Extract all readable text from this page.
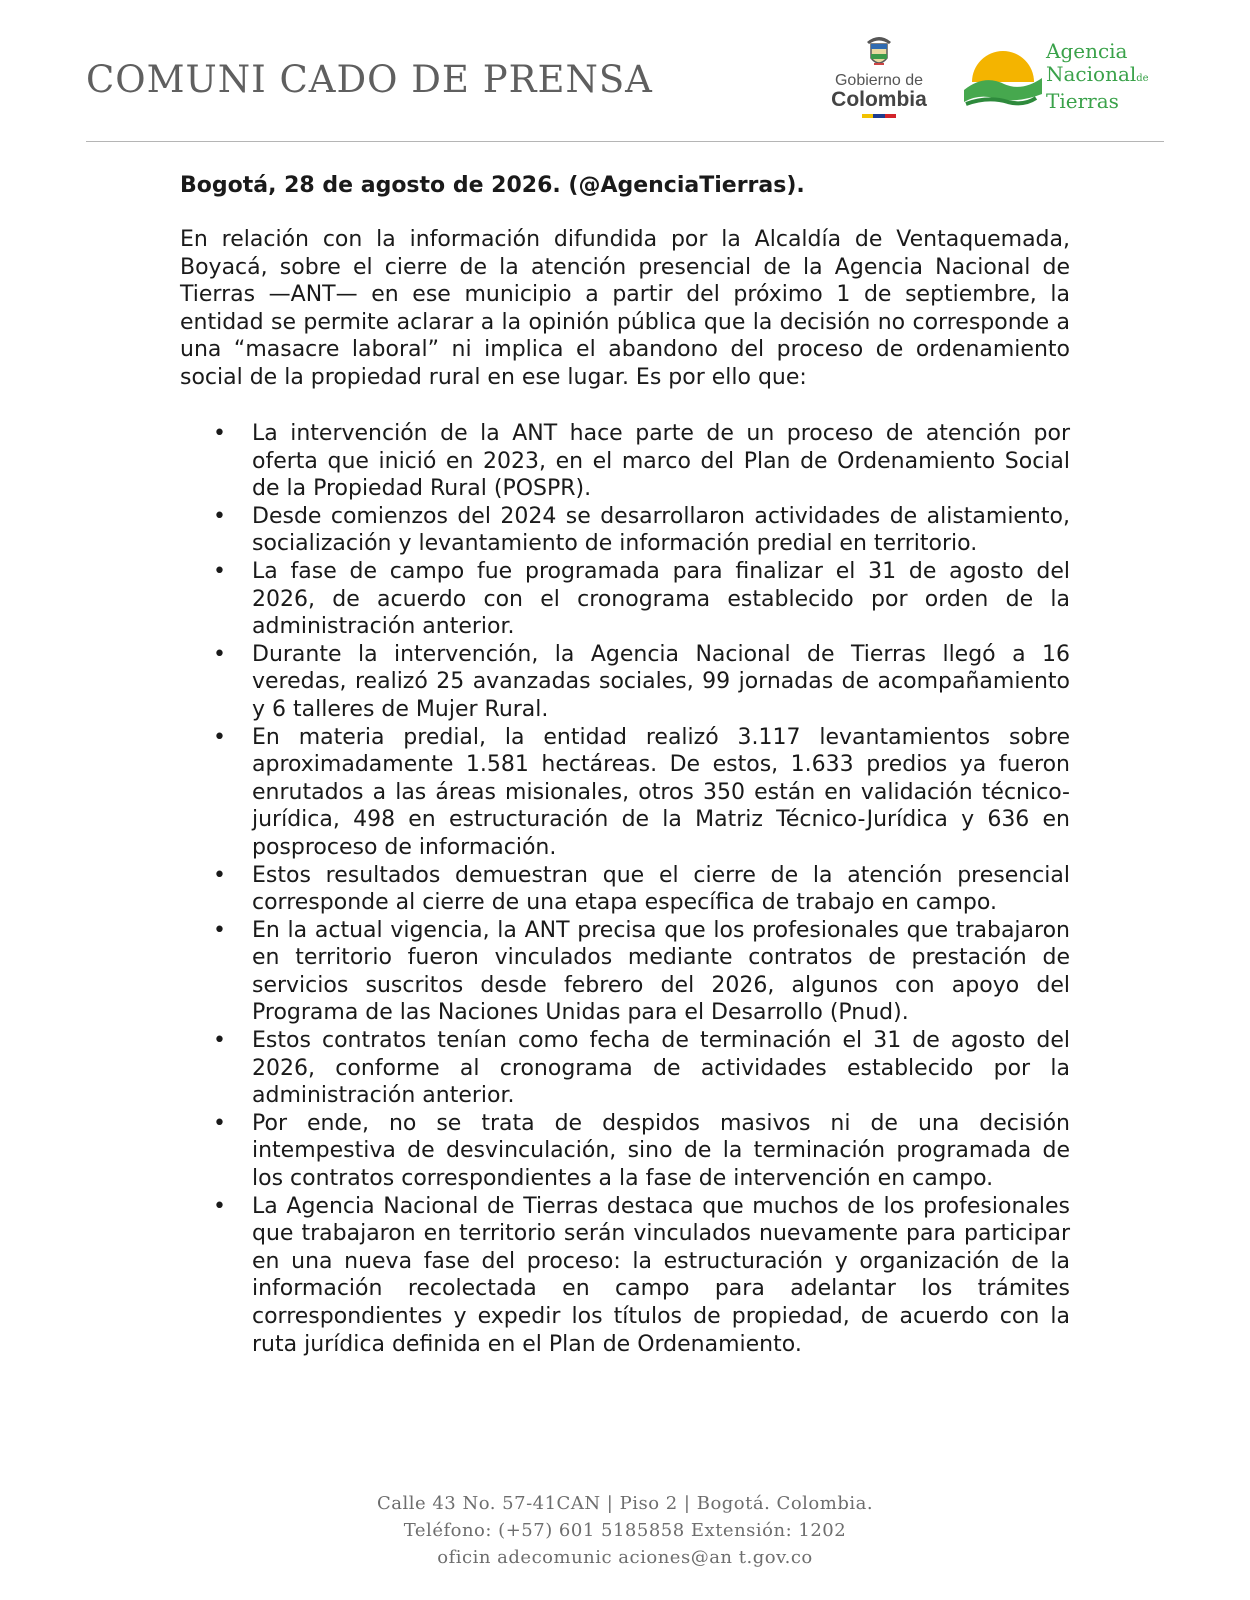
COMUNI CADO DE PRENSA	Gobierno de
Colombia
Agencia
Nacionalde
Tierras
Bogotá, 28 de agosto de 2026. (@AgenciaTierras).
En relación con la información difundida por la Alcaldía de Ventaquemada, Boyacá, sobre el cierre de la atención presencial de la Agencia Nacional de Tierras —ANT— en ese municipio a partir del próximo 1 de septiembre, la entidad se permite aclarar a la opinión pública que la decisión no corresponde a una “masacre laboral” ni implica el abandono del proceso de ordenamiento social de la propiedad rural en ese lugar. Es por ello que:
• La intervención de la ANT hace parte de un proceso de atención por oferta que inició en 2023, en el marco del Plan de Ordenamiento Social de la Propiedad Rural (POSPR).
• Desde comienzos del 2024 se desarrollaron actividades de alistamiento, socialización y levantamiento de información predial en territorio.
• La fase de campo fue programada para finalizar el 31 de agosto del 2026, de acuerdo con el cronograma establecido por orden de la administración anterior.
• Durante la intervención, la Agencia Nacional de Tierras llegó a 16 veredas, realizó 25 avanzadas sociales, 99 jornadas de acompañamiento y 6 talleres de Mujer Rural.
• En materia predial, la entidad realizó 3.117 levantamientos sobre aproximadamente 1.581 hectáreas. De estos, 1.633 predios ya fueron enrutados a las áreas misionales, otros 350 están en validación técnico-jurídica, 498 en estructuración de la Matriz Técnico-Jurídica y 636 en posproceso de información.
• Estos resultados demuestran que el cierre de la atención presencial corresponde al cierre de una etapa específica de trabajo en campo.
• En la actual vigencia, la ANT precisa que los profesionales que trabajaron en territorio fueron vinculados mediante contratos de prestación de servicios suscritos desde febrero del 2026, algunos con apoyo del Programa de las Naciones Unidas para el Desarrollo (Pnud).
• Estos contratos tenían como fecha de terminación el 31 de agosto del 2026, conforme al cronograma de actividades establecido por la administración anterior.
• Por ende, no se trata de despidos masivos ni de una decisión intempestiva de desvinculación, sino de la terminación programada de los contratos correspondientes a la fase de intervención en campo.
• La Agencia Nacional de Tierras destaca que muchos de los profesionales que trabajaron en territorio serán vinculados nuevamente para participar en una nueva fase del proceso: la estructuración y organización de la información recolectada en campo para adelantar los trámites correspondientes y expedir los títulos de propiedad, de acuerdo con la ruta jurídica definida en el Plan de Ordenamiento.
Calle 43 No. 57-41CAN | Piso 2 | Bogotá. Colombia.
Teléfono: (+57) 601 5185858 Extensión: 1202
oficin adecomunic aciones@an t.gov.co
